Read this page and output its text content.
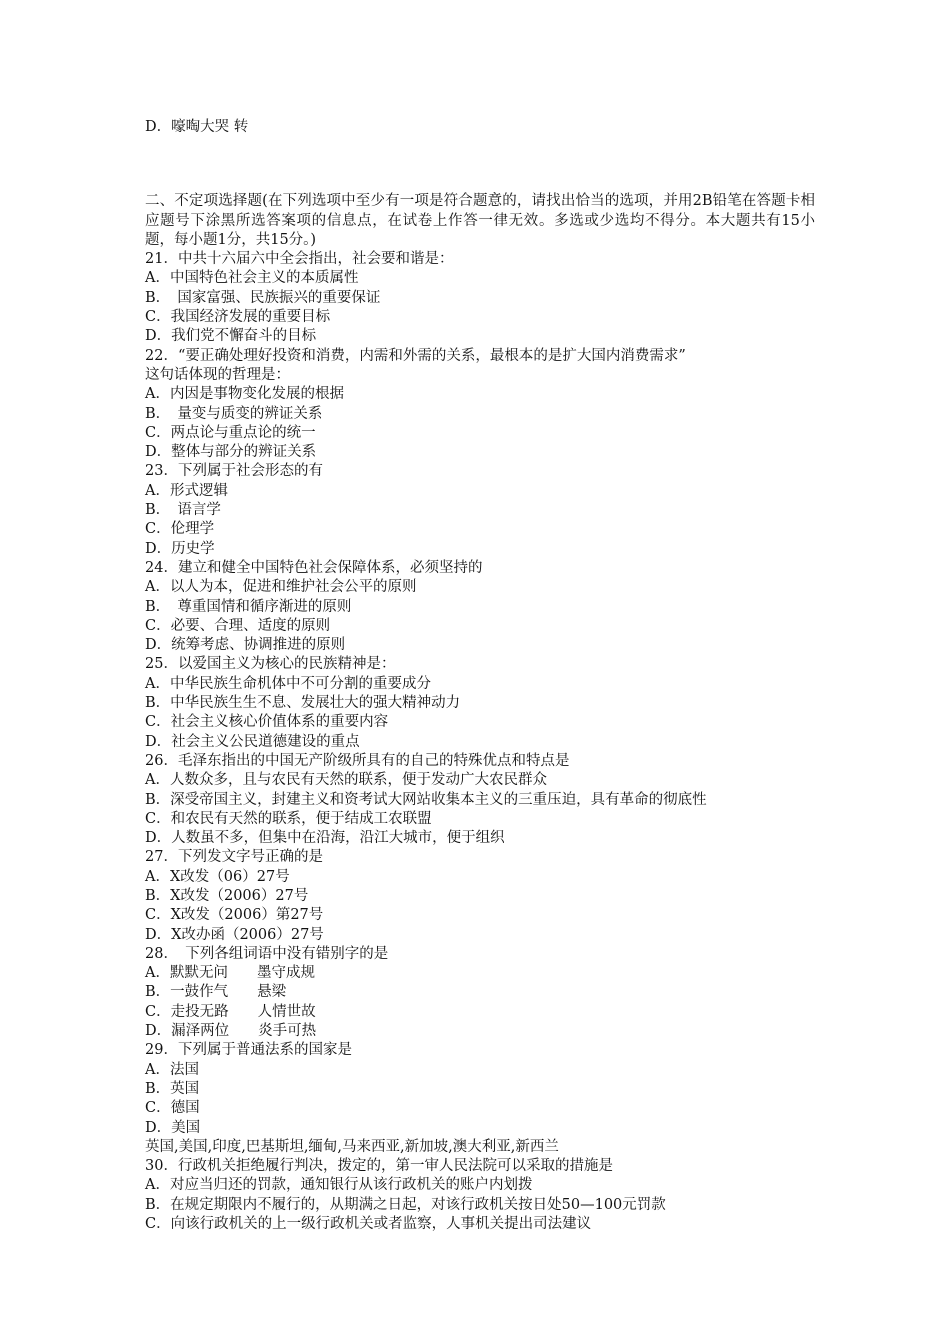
D．嚎啕大哭 转
二、不定项选择题(在下列选项中至少有一项是符合题意的，请找出恰当的选项，并用2B铅笔在答题卡相应题号下涂黑所选答案项的信息点，在试卷上作答一律无效。多选或少选均不得分。本大题共有15小题，每小题1分，共15分。)
21．中共十六届六中全会指出，社会要和谐是：
A．中国特色社会主义的本质属性
B．　国家富强、民族振兴的重要保证
C．我国经济发展的重要目标
D．我们党不懈奋斗的目标
22．“要正确处理好投资和消费，内需和外需的关系，最根本的是扩大国内消费需求”
这句话体现的哲理是：
A．内因是事物变化发展的根据
B．　量变与质变的辨证关系
C．两点论与重点论的统一
D．整体与部分的辨证关系
23．下列属于社会形态的有
A．形式逻辑
B．　语言学
C．伦理学
D．历史学
24．建立和健全中国特色社会保障体系，必须坚持的
A．以人为本，促进和维护社会公平的原则
B．　尊重国情和循序渐进的原则
C．必要、合理、适度的原则
D．统筹考虑、协调推进的原则
25．以爱国主义为核心的民族精神是：
A．中华民族生命机体中不可分割的重要成分
B．中华民族生生不息、发展壮大的强大精神动力
C．社会主义核心价值体系的重要内容
D．社会主义公民道德建设的重点
26．毛泽东指出的中国无产阶级所具有的自己的特殊优点和特点是
A．人数众多，且与农民有天然的联系，便于发动广大农民群众
B．深受帝国主义，封建主义和资考试大网站收集本主义的三重压迫，具有革命的彻底性
C．和农民有天然的联系，便于结成工农联盟
D．人数虽不多，但集中在沿海，沿江大城市，便于组织
27．下列发文字号正确的是
A．X改发（06）27号
B．X改发（2006）27号
C．X改发（2006）第27号
D．X改办函（2006）27号
28．　下列各组词语中没有错别字的是
A．默默无问　　墨守成规
B．一鼓作气　　悬梁
C．走投无路　　人情世故
D．漏泽两位　　炎手可热
29．下列属于普通法系的国家是
A．法国
B．英国
C．德国
D．美国
英国,美国,印度,巴基斯坦,缅甸,马来西亚,新加坡,澳大利亚,新西兰
30．行政机关拒绝履行判决，拨定的，第一审人民法院可以采取的措施是
A．对应当归还的罚款，通知银行从该行政机关的账户内划拨
B．在规定期限内不履行的，从期满之日起，对该行政机关按日处50—100元罚款
C．向该行政机关的上一级行政机关或者监察，人事机关提出司法建议
